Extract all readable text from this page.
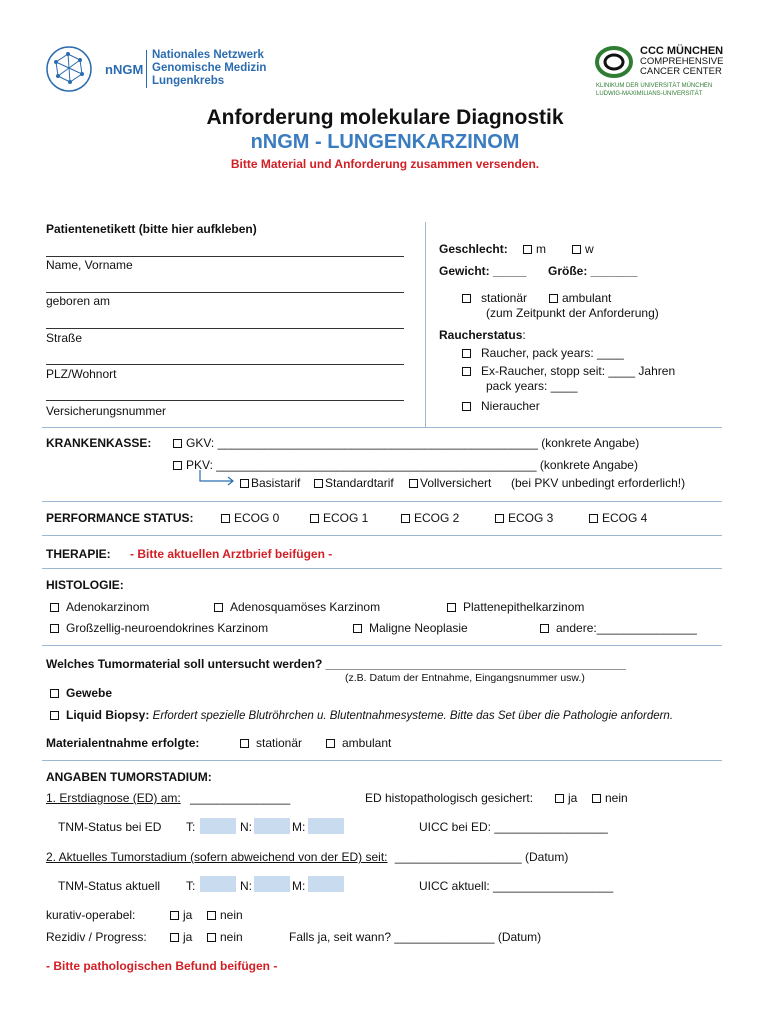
nNGM
Nationales Netzwerk
Genomische Medizin
Lungenkrebs
CCC MÜNCHEN
COMPREHENSIVE
CANCER CENTER
KLINIKUM DER UNIVERSITÄT MÜNCHEN
LUDWIG-MAXIMILIANS-UNIVERSITÄT
Anforderung molekulare Diagnostik
nNGM - LUNGENKARZINOM
Bitte Material und Anforderung zusammen versenden.
Patientenetikett (bitte hier aufkleben)
Name, Vorname
geboren am
Straße
PLZ/Wohnort
Versicherungsnummer
Geschlecht:	m	w
Gewicht: _____ Größe: _______
stationär	ambulant
(zum Zeitpunkt der Anforderung)
Raucherstatus:
Raucher, pack years: ____
Ex-Raucher, stopp seit: ____ Jahren
pack years: ____
Nieraucher
KRANKENKASSE:	GKV: ________________________________________________ (konkrete Angabe)
PKV: ________________________________________________ (konkrete Angabe)
Basistarif	Standardtarif	Vollversichert (bei PKV unbedingt erforderlich!)
PERFORMANCE STATUS:	ECOG 0	ECOG 1	ECOG 2	ECOG 3	ECOG 4
THERAPIE: - Bitte aktuellen Arztbrief beifügen -
HISTOLOGIE:
Adenokarzinom	Adenosquamöses Karzinom	Plattenepithelkarzinom
Großzellig-neuroendokrines Karzinom	Maligne Neoplasie	andere:_______________
Welches Tumormaterial soll untersucht werden? _____________________________________________
(z.B. Datum der Entnahme, Eingangsnummer usw.)
Gewebe
Liquid Biopsy: Erfordert spezielle Blutröhrchen u. Blutentnahmesysteme. Bitte das Set über die Pathologie anfordern.
Materialentnahme erfolgte:	stationär	ambulant
ANGABEN TUMORSTADIUM:
1. Erstdiagnose (ED) am: _______________	ED histopathologisch gesichert:	ja	nein
TNM-Status bei ED T:	N:	M:	UICC bei ED: _________________
2. Aktuelles Tumorstadium (sofern abweichend von der ED) seit: ___________________ (Datum)
TNM-Status aktuell T:	N:	M:	UICC aktuell: __________________
kurativ-operabel:	ja	nein
Rezidiv / Progress:	ja	nein	Falls ja, seit wann? _______________ (Datum)
- Bitte pathologischen Befund beifügen -
